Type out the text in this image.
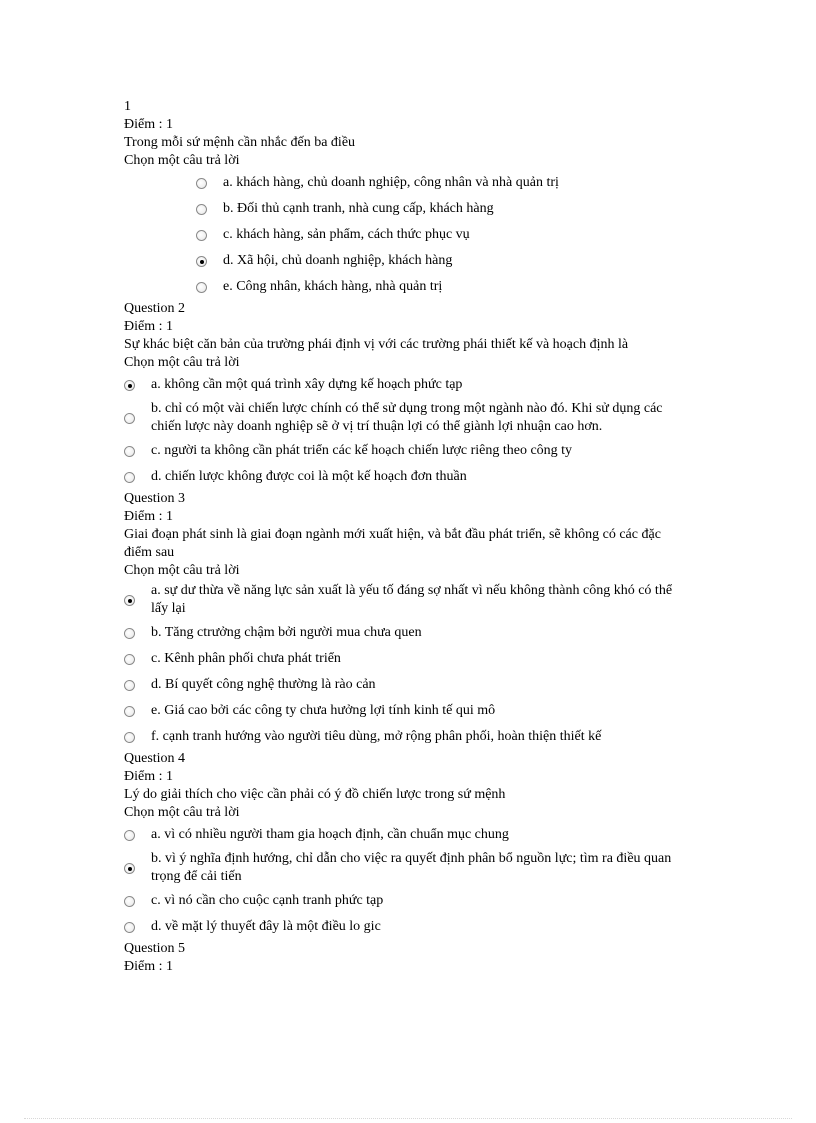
1
Điểm : 1
Trong mỗi sứ mệnh cần nhắc đến ba điều
Chọn một câu trả lời
a. khách hàng, chủ doanh nghiệp, công nhân và nhà quản trị
b. Đối thủ cạnh tranh, nhà cung cấp, khách hàng
c. khách hàng, sản phẩm, cách thức phục vụ
d. Xã hội, chủ doanh nghiệp, khách hàng
e. Công nhân, khách hàng, nhà quản trị
Question 2
Điểm : 1
Sự khác biệt căn bản của trường phái định vị với các trường phái thiết kế và hoạch định là
Chọn một câu trả lời
a. không cần một quá trình xây dựng kế hoạch phức tạp
b. chỉ có một vài chiến lược chính có thể sử dụng trong một ngành nào đó. Khi sử dụng các chiến lược này doanh nghiệp sẽ ở vị trí thuận lợi có thể giành lợi nhuận cao hơn.
c. người ta không cần phát triển các kế hoạch chiến lược riêng theo công ty
d. chiến lược không được coi là một kế hoạch đơn thuần
Question 3
Điểm : 1
Giai đoạn phát sinh là giai đoạn ngành mới xuất hiện, và bắt đầu phát triển, sẽ không có các đặc điểm sau
Chọn một câu trả lời
a. sự dư thừa về năng lực sản xuất là yếu tố đáng sợ nhất vì nếu không thành công khó có thể lấy lại
b. Tăng ctrưởng chậm bởi người mua chưa quen
c. Kênh phân phối chưa phát triển
d. Bí quyết công nghệ thường là rào cản
e. Giá cao bởi các công ty chưa hưởng lợi tính kinh tế qui mô
f. cạnh tranh hướng vào người tiêu dùng, mở rộng phân phối, hoàn thiện thiết kế
Question 4
Điểm : 1
Lý do giải thích cho việc cần phải có ý đồ chiến lược trong sứ mệnh
Chọn một câu trả lời
a. vì có nhiều người tham gia hoạch định, cần chuẩn mục chung
b. vì ý nghĩa định hướng, chỉ dẫn cho việc ra quyết định phân bổ nguồn lực; tìm ra điều quan trọng để cải tiến
c. vì nó cần cho cuộc cạnh tranh phức tạp
d. về mặt lý thuyết đây là một điều lo gic
Question 5
Điểm : 1
